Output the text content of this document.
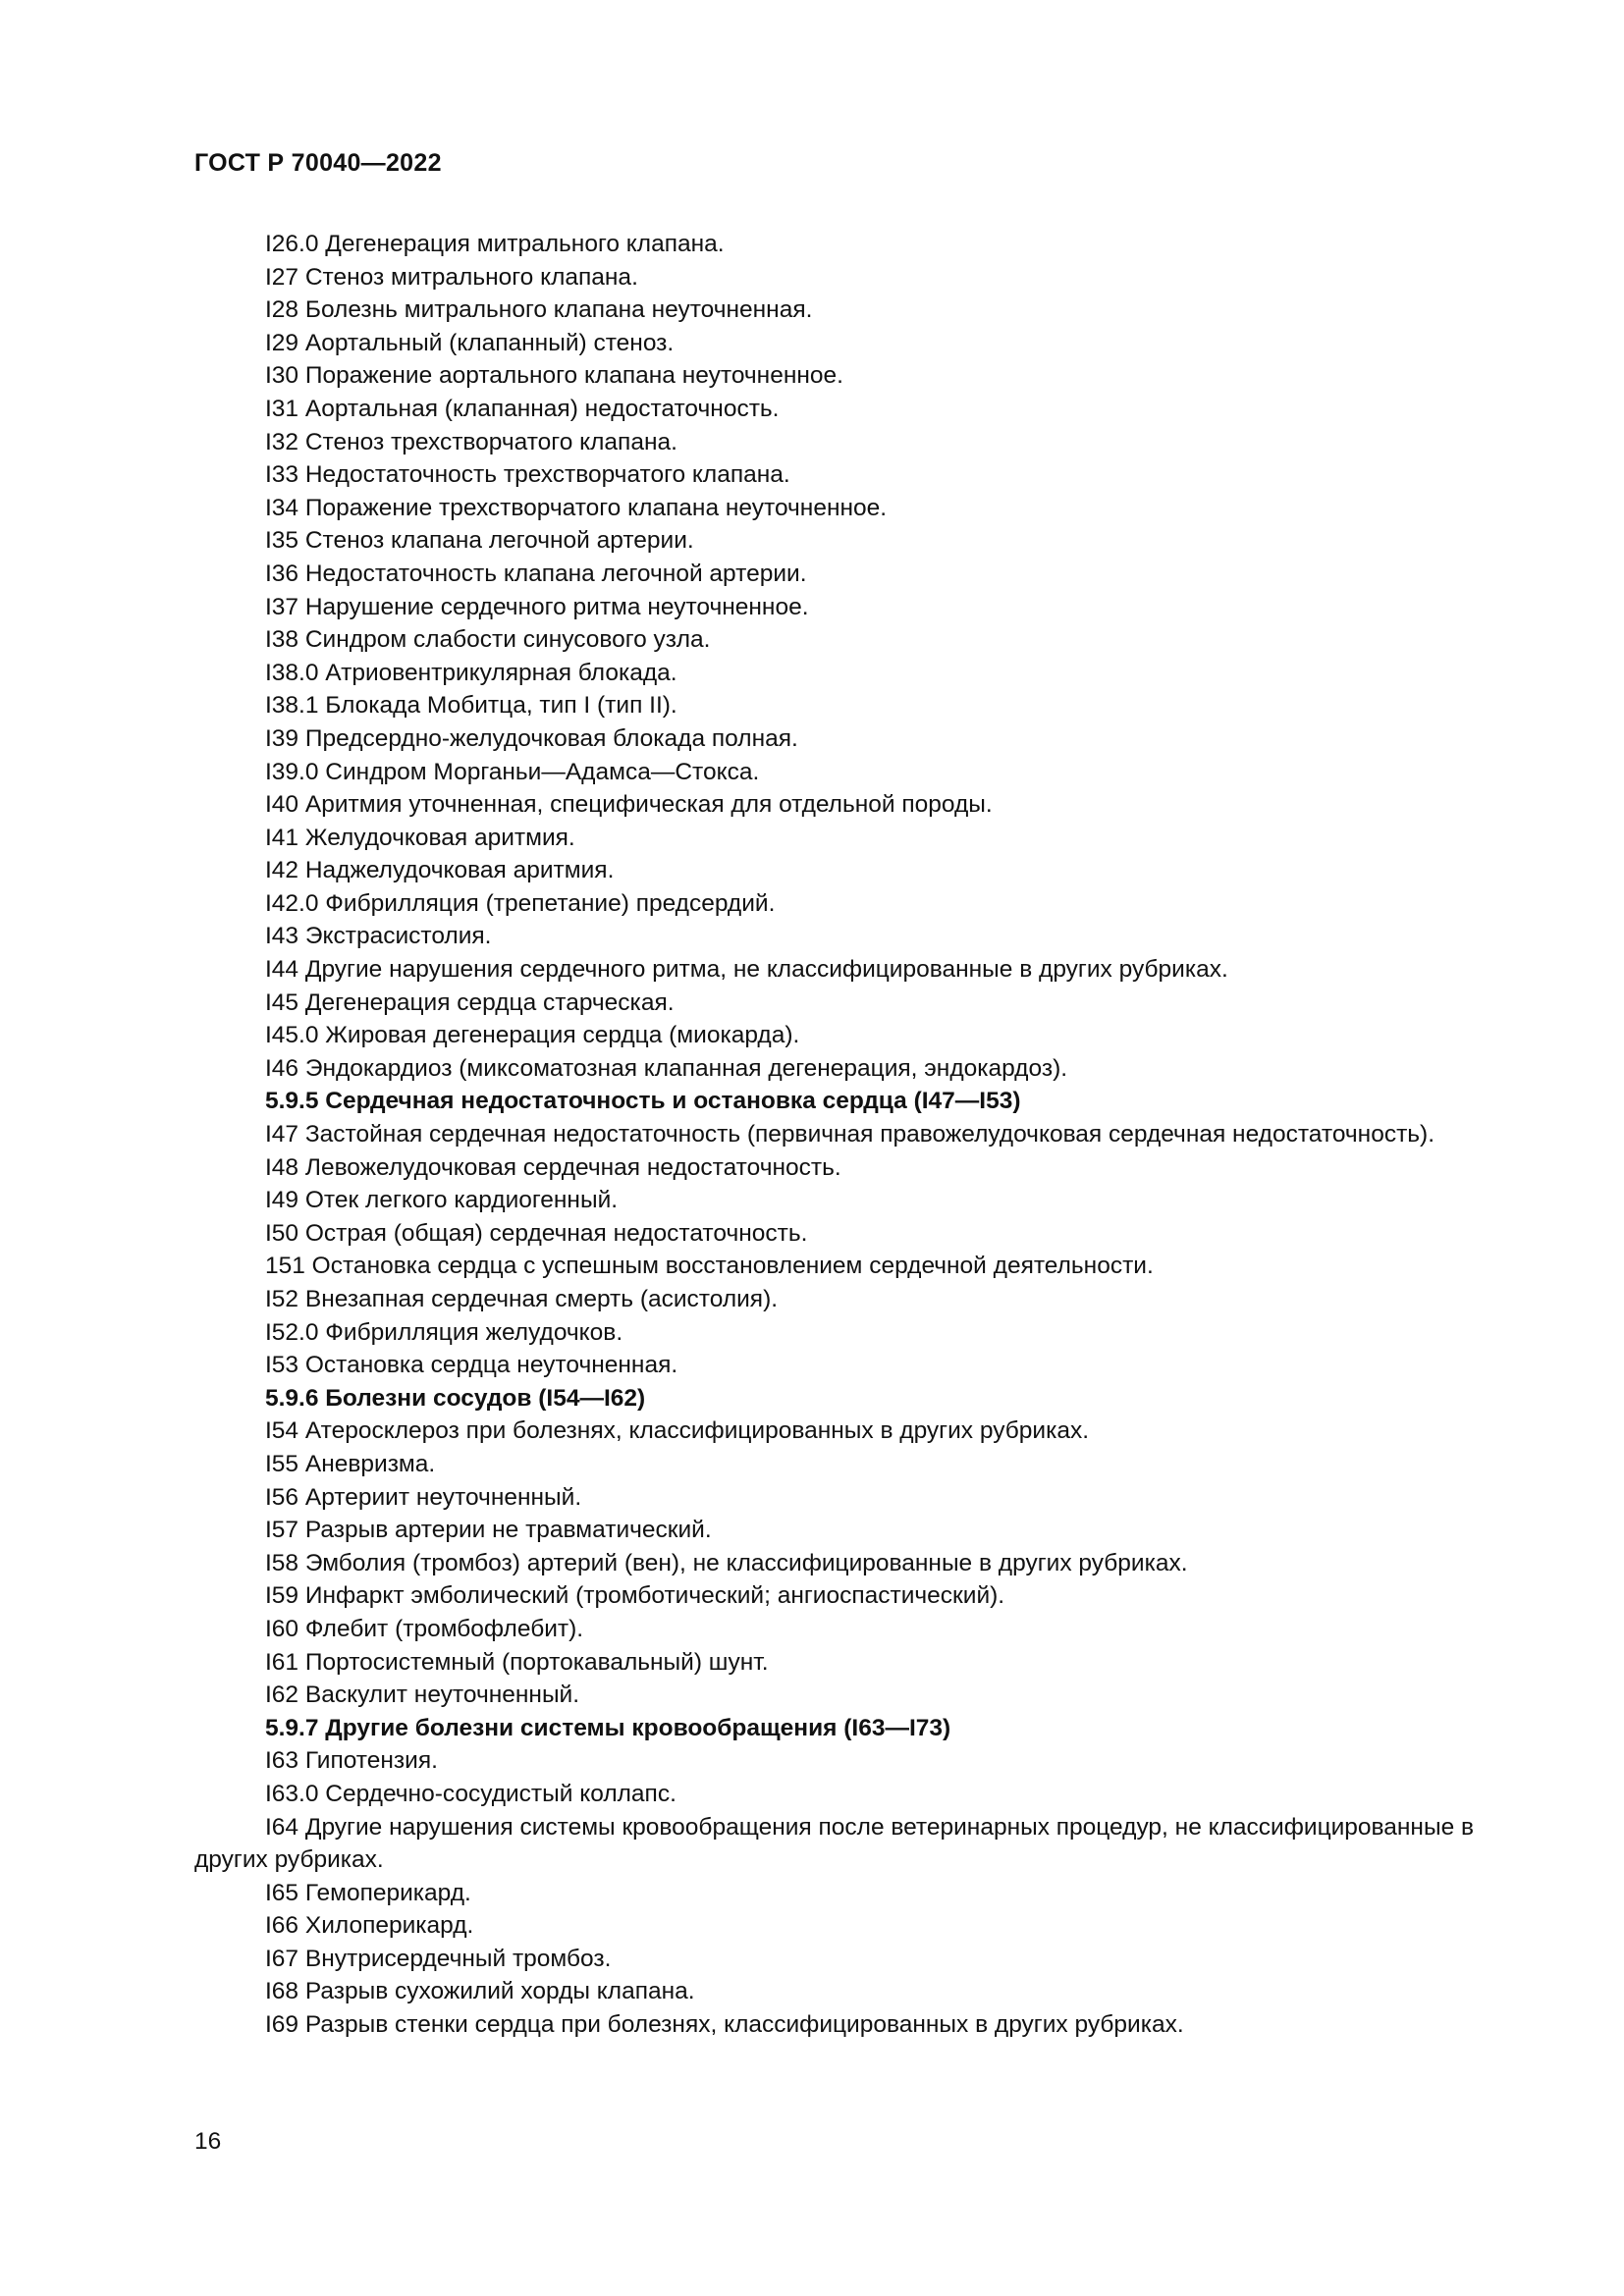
ГОСТ Р 70040—2022
I26.0 Дегенерация митрального клапана.
I27 Стеноз митрального клапана.
I28 Болезнь митрального клапана неуточненная.
I29 Аортальный (клапанный) стеноз.
I30 Поражение аортального клапана неуточненное.
I31 Аортальная (клапанная) недостаточность.
I32 Стеноз трехстворчатого клапана.
I33 Недостаточность трехстворчатого клапана.
I34 Поражение трехстворчатого клапана неуточненное.
I35 Стеноз клапана легочной артерии.
I36 Недостаточность клапана легочной артерии.
I37 Нарушение сердечного ритма неуточненное.
I38 Синдром слабости синусового узла.
I38.0 Атриовентрикулярная блокада.
I38.1 Блокада Мобитца, тип I (тип II).
I39 Предсердно-желудочковая блокада полная.
I39.0 Синдром Морганьи—Адамса—Стокса.
I40 Аритмия уточненная, специфическая для отдельной породы.
I41 Желудочковая аритмия.
I42 Наджелудочковая аритмия.
I42.0 Фибрилляция (трепетание) предсердий.
I43 Экстрасистолия.
I44 Другие нарушения сердечного ритма, не классифицированные в других рубриках.
I45 Дегенерация сердца старческая.
I45.0 Жировая дегенерация сердца (миокарда).
I46 Эндокардиоз (миксоматозная клапанная дегенерация, эндокардоз).
5.9.5 Сердечная недостаточность и остановка сердца (I47—I53)
I47 Застойная сердечная недостаточность (первичная правожелудочковая сердечная недостаточность).
I48 Левожелудочковая сердечная недостаточность.
I49 Отек легкого кардиогенный.
I50 Острая (общая) сердечная недостаточность.
151 Остановка сердца с успешным восстановлением сердечной деятельности.
I52 Внезапная сердечная смерть (асистолия).
I52.0 Фибрилляция желудочков.
I53 Остановка сердца неуточненная.
5.9.6 Болезни сосудов (I54—I62)
I54 Атеросклероз при болезнях, классифицированных в других рубриках.
I55 Аневризма.
I56 Артериит неуточненный.
I57 Разрыв артерии не травматический.
I58 Эмболия (тромбоз) артерий (вен), не классифицированные в других рубриках.
I59 Инфаркт эмболический (тромботический; ангиоспастический).
I60 Флебит (тромбофлебит).
I61 Портосистемный (портокавальный) шунт.
I62 Васкулит неуточненный.
5.9.7 Другие болезни системы кровообращения (I63—I73)
I63 Гипотензия.
I63.0 Сердечно-сосудистый коллапс.
I64 Другие нарушения системы кровообращения после ветеринарных процедур, не классифицированные в других рубриках.
I65 Гемоперикард.
I66 Хилоперикард.
I67 Внутрисердечный тромбоз.
I68 Разрыв сухожилий хорды клапана.
I69 Разрыв стенки сердца при болезнях, классифицированных в других рубриках.
16
